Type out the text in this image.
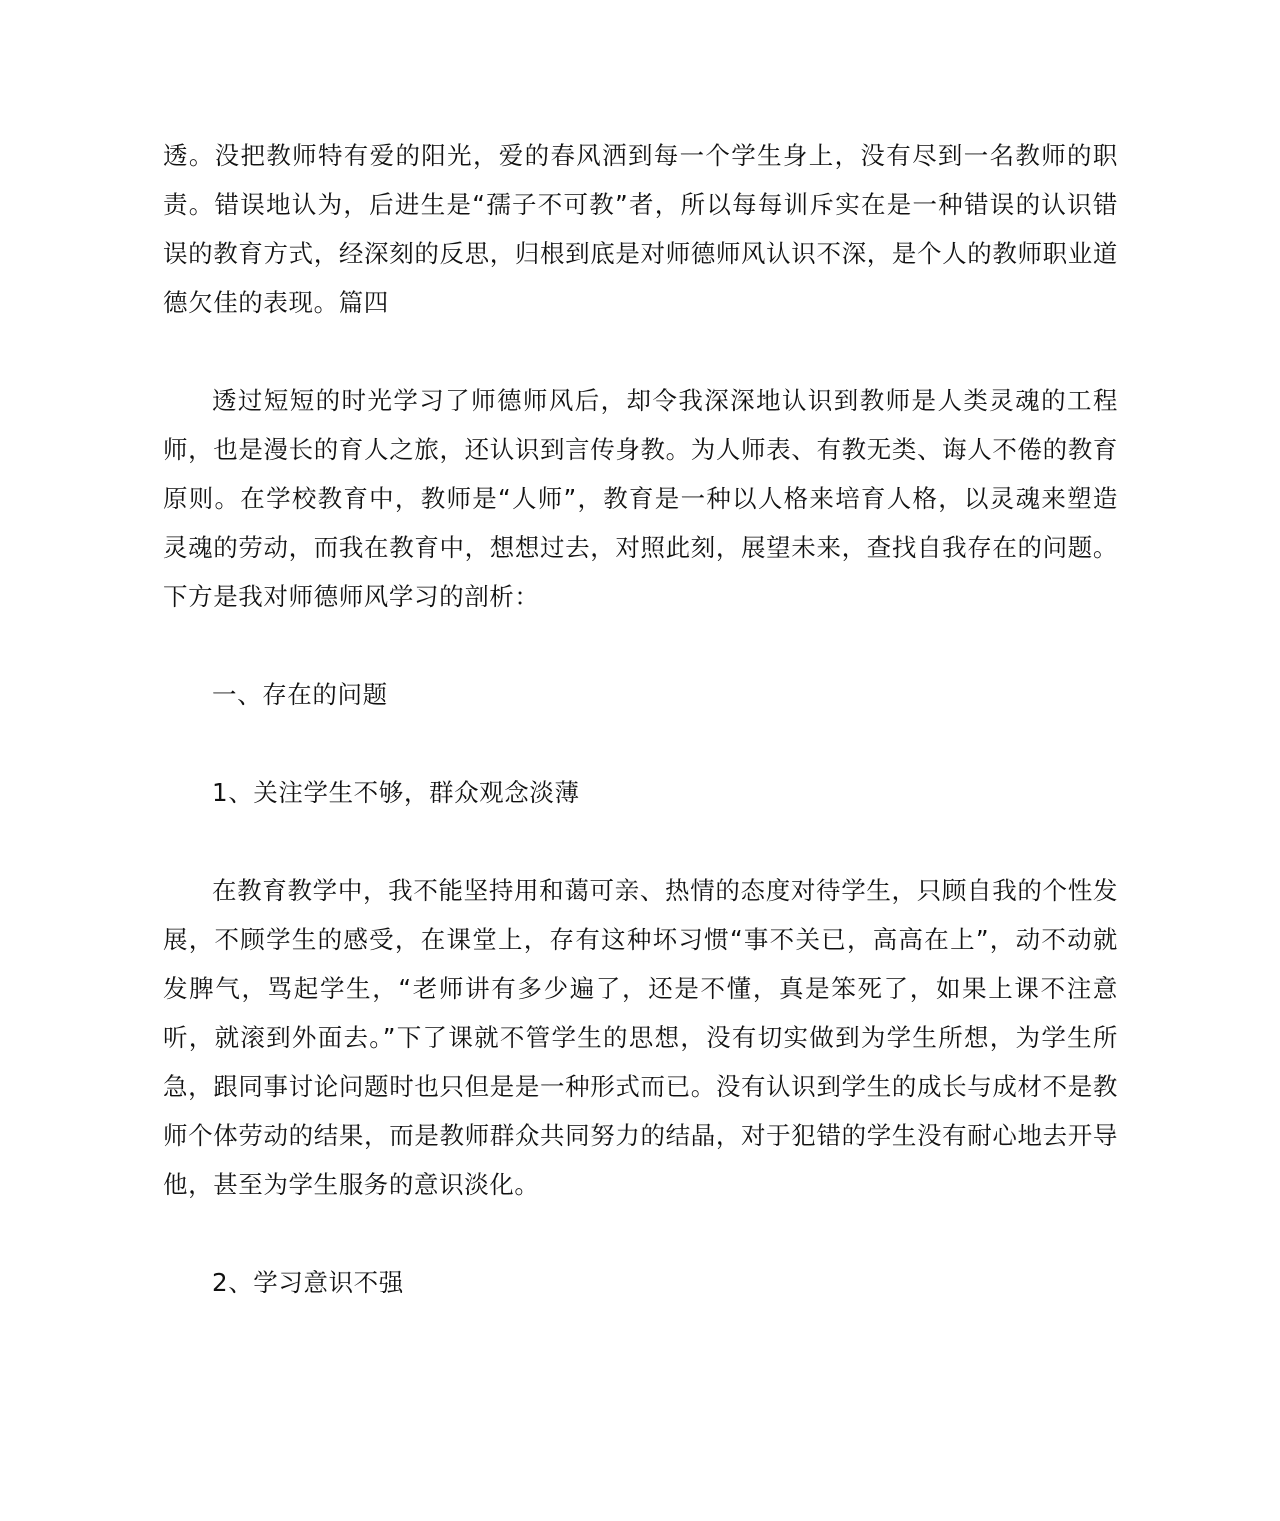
透。没把教师特有爱的阳光，爱的春风洒到每一个学生身上，没有尽到一名教师的职责。错误地认为，后进生是“孺子不可教”者，所以每每训斥实在是一种错误的认识错误的教育方式，经深刻的反思，归根到底是对师德师风认识不深，是个人的教师职业道德欠佳的表现。篇四

透过短短的时光学习了师德师风后，却令我深深地认识到教师是人类灵魂的工程师，也是漫长的育人之旅，还认识到言传身教。为人师表、有教无类、诲人不倦的教育原则。在学校教育中，教师是“人师”，教育是一种以人格来培育人格，以灵魂来塑造灵魂的劳动，而我在教育中，想想过去，对照此刻，展望未来，查找自我存在的问题。下方是我对师德师风学习的剖析：

一、存在的问题

1、关注学生不够，群众观念淡薄

在教育教学中，我不能坚持用和蔼可亲、热情的态度对待学生，只顾自我的个性发展，不顾学生的感受，在课堂上，存有这种坏习惯“事不关已，高高在上”，动不动就发脾气，骂起学生，“老师讲有多少遍了，还是不懂，真是笨死了，如果上课不注意听，就滚到外面去。”下了课就不管学生的思想，没有切实做到为学生所想，为学生所急，跟同事讨论问题时也只但是是一种形式而已。没有认识到学生的成长与成材不是教师个体劳动的结果，而是教师群众共同努力的结晶，对于犯错的学生没有耐心地去开导他，甚至为学生服务的意识淡化。

2、学习意识不强
